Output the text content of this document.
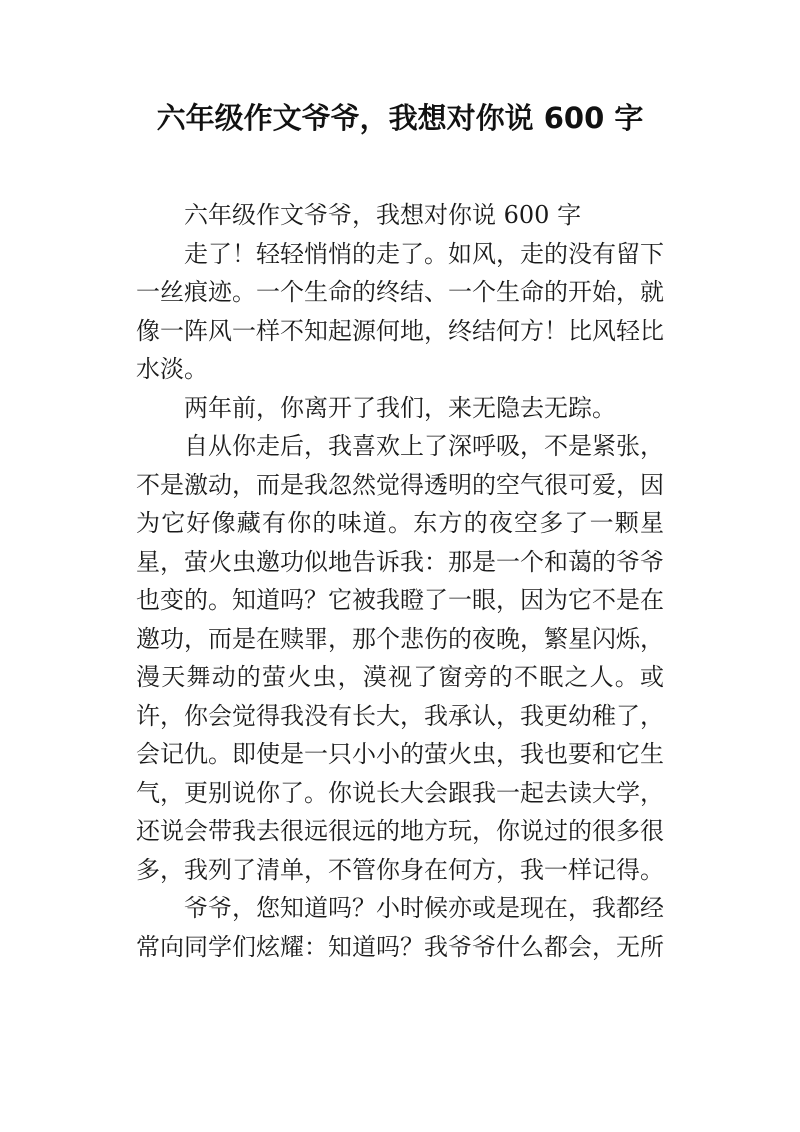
六年级作文爷爷，我想对你说 600 字

六年级作文爷爷，我想对你说 600 字

走了！轻轻悄悄的走了。如风，走的没有留下一丝痕迹。一个生命的终结、一个生命的开始，就像一阵风一样不知起源何地，终结何方！比风轻比水淡。

两年前，你离开了我们，来无隐去无踪。

自从你走后，我喜欢上了深呼吸，不是紧张，不是激动，而是我忽然觉得透明的空气很可爱，因为它好像藏有你的味道。东方的夜空多了一颗星星，萤火虫邀功似地告诉我：那是一个和蔼的爷爷也变的。知道吗？它被我瞪了一眼，因为它不是在邀功，而是在赎罪，那个悲伤的夜晚，繁星闪烁，漫天舞动的萤火虫，漠视了窗旁的不眠之人。或许，你会觉得我没有长大，我承认，我更幼稚了，会记仇。即使是一只小小的萤火虫，我也要和它生气，更别说你了。你说长大会跟我一起去读大学，还说会带我去很远很远的地方玩，你说过的很多很多，我列了清单，不管你身在何方，我一样记得。

爷爷，您知道吗？小时候亦或是现在，我都经常向同学们炫耀：知道吗？我爷爷什么都会，无所
